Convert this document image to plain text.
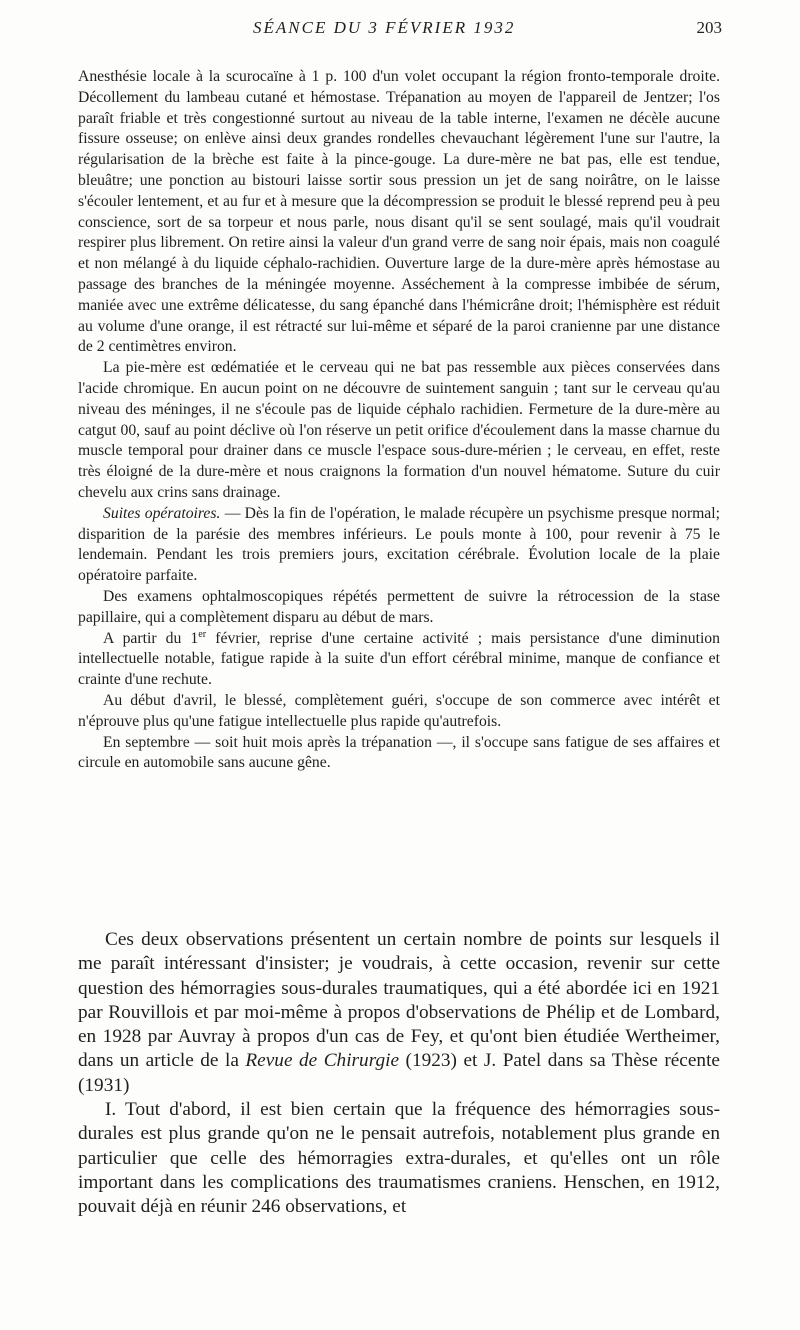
SÉANCE DU 3 FÉVRIER 1932	203

Anesthésie locale à la scurocaïne à 1 p. 100 d'un volet occupant la région fronto-temporale droite. Décollement du lambeau cutané et hémostase. Trépanation au moyen de l'appareil de Jentzer; l'os paraît friable et très congestionné surtout au niveau de la table interne, l'examen ne décèle aucune fissure osseuse; on enlève ainsi deux grandes rondelles chevauchant légèrement l'une sur l'autre, la régularisation de la brèche est faite à la pince-gouge. La dure-mère ne bat pas, elle est tendue, bleuâtre; une ponction au bistouri laisse sortir sous pression un jet de sang noirâtre, on le laisse s'écouler lentement, et au fur et à mesure que la décompression se produit le blessé reprend peu à peu conscience, sort de sa torpeur et nous parle, nous disant qu'il se sent soulagé, mais qu'il voudrait respirer plus librement. On retire ainsi la valeur d'un grand verre de sang noir épais, mais non coagulé et non mélangé à du liquide céphalo-rachidien. Ouverture large de la dure-mère après hémostase au passage des branches de la méningée moyenne. Asséchement à la compresse imbibée de sérum, maniée avec une extrême délicatesse, du sang épanché dans l'hémicrâne droit; l'hémisphère est réduit au volume d'une orange, il est rétracté sur lui-même et séparé de la paroi cranienne par une distance de 2 centimètres environ.

La pie-mère est œdématiée et le cerveau qui ne bat pas ressemble aux pièces conservées dans l'acide chromique. En aucun point on ne découvre de suintement sanguin ; tant sur le cerveau qu'au niveau des méninges, il ne s'écoule pas de liquide céphalo rachidien. Fermeture de la dure-mère au catgut 00, sauf au point déclive où l'on réserve un petit orifice d'écoulement dans la masse charnue du muscle temporal pour drainer dans ce muscle l'espace sous-dure-mérien ; le cerveau, en effet, reste très éloigné de la dure-mère et nous craignons la formation d'un nouvel hématome. Suture du cuir chevelu aux crins sans drainage.

Suites opératoires. — Dès la fin de l'opération, le malade récupère un psychisme presque normal; disparition de la parésie des membres inférieurs. Le pouls monte à 100, pour revenir à 75 le lendemain. Pendant les trois premiers jours, excitation cérébrale. Évolution locale de la plaie opératoire parfaite.

Des examens ophtalmoscopiques répétés permettent de suivre la rétrocession de la stase papillaire, qui a complètement disparu au début de mars.

A partir du 1er février, reprise d'une certaine activité ; mais persistance d'une diminution intellectuelle notable, fatigue rapide à la suite d'un effort cérébral minime, manque de confiance et crainte d'une rechute.

Au début d'avril, le blessé, complètement guéri, s'occupe de son commerce avec intérêt et n'éprouve plus qu'une fatigue intellectuelle plus rapide qu'autrefois.

En septembre — soit huit mois après la trépanation —, il s'occupe sans fatigue de ses affaires et circule en automobile sans aucune gêne.

Ces deux observations présentent un certain nombre de points sur lesquels il me paraît intéressant d'insister; je voudrais, à cette occasion, revenir sur cette question des hémorragies sous-durales traumatiques, qui a été abordée ici en 1921 par Rouvillois et par moi-même à propos d'observations de Phélip et de Lombard, en 1928 par Auvray à propos d'un cas de Fey, et qu'ont bien étudiée Wertheimer, dans un article de la Revue de Chirurgie (1923) et J. Patel dans sa Thèse récente (1931)

I. Tout d'abord, il est bien certain que la fréquence des hémorragies sous-durales est plus grande qu'on ne le pensait autrefois, notablement plus grande en particulier que celle des hémorragies extra-durales, et qu'elles ont un rôle important dans les complications des traumatismes craniens. Henschen, en 1912, pouvait déjà en réunir 246 observations, et
